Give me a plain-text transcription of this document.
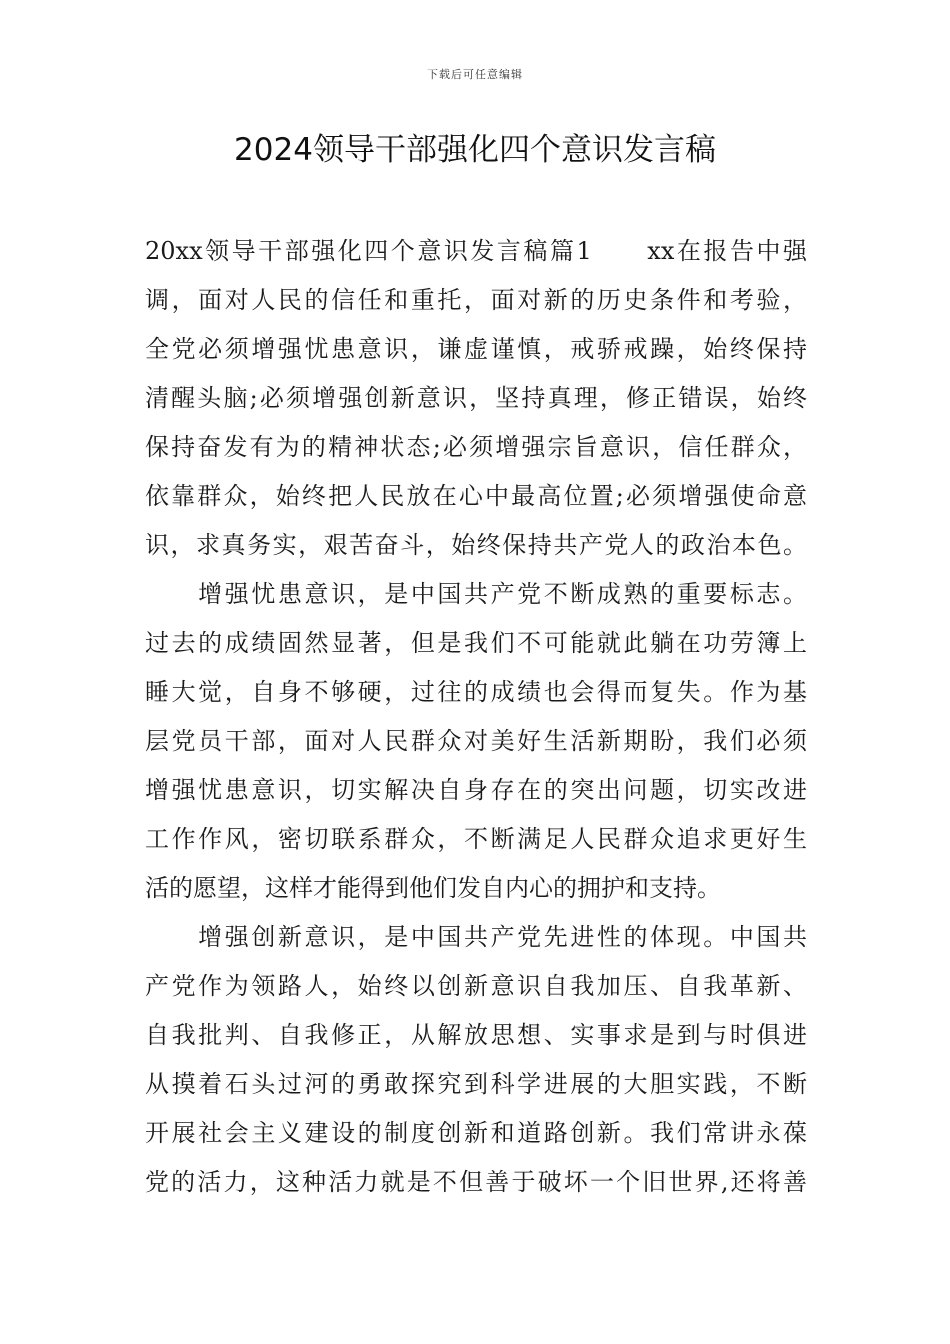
下载后可任意编辑
2024领导干部强化四个意识发言稿
20xx领导干部强化四个意识发言稿篇1　　xx在报告中强
调，面对人民的信任和重托，面对新的历史条件和考验，
全党必须增强忧患意识，谦虚谨慎，戒骄戒躁，始终保持
清醒头脑;必须增强创新意识，坚持真理，修正错误，始终
保持奋发有为的精神状态;必须增强宗旨意识，信任群众，
依靠群众，始终把人民放在心中最高位置;必须增强使命意
识，求真务实，艰苦奋斗，始终保持共产党人的政治本色。
　　增强忧患意识，是中国共产党不断成熟的重要标志。
过去的成绩固然显著，但是我们不可能就此躺在功劳簿上
睡大觉，自身不够硬，过往的成绩也会得而复失。作为基
层党员干部，面对人民群众对美好生活新期盼，我们必须
增强忧患意识，切实解决自身存在的突出问题，切实改进
工作作风，密切联系群众，不断满足人民群众追求更好生
活的愿望，这样才能得到他们发自内心的拥护和支持。
　　增强创新意识，是中国共产党先进性的体现。中国共
产党作为领路人，始终以创新意识自我加压、自我革新、
自我批判、自我修正，从解放思想、实事求是到与时俱进
从摸着石头过河的勇敢探究到科学进展的大胆实践，不断
开展社会主义建设的制度创新和道路创新。我们常讲永葆
党的活力，这种活力就是不但善于破坏一个旧世界,还将善
